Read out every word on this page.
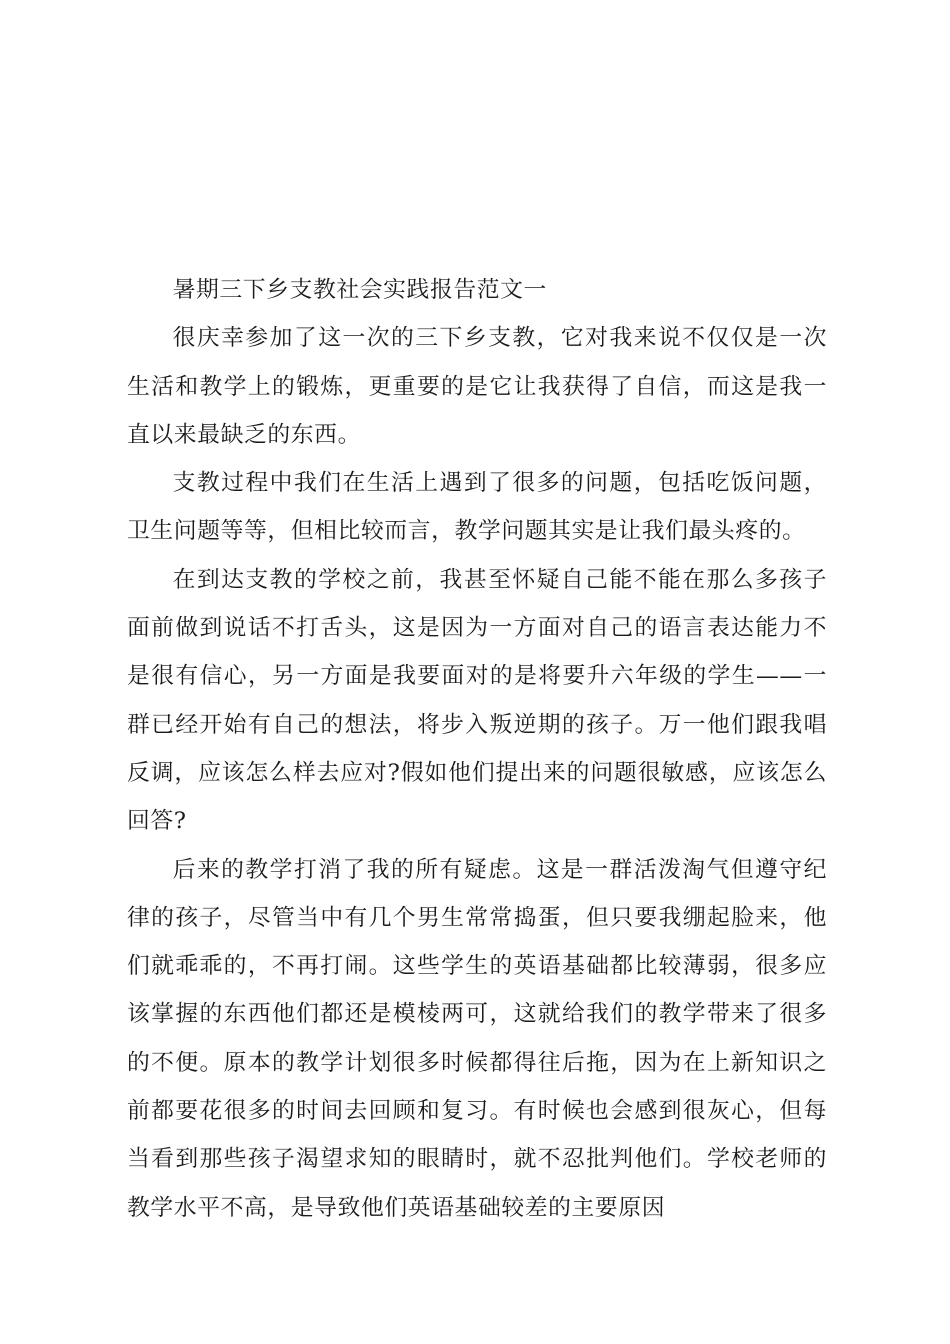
暑期三下乡支教社会实践报告范文一

很庆幸参加了这一次的三下乡支教，它对我来说不仅仅是一次生活和教学上的锻炼，更重要的是它让我获得了自信，而这是我一直以来最缺乏的东西。

支教过程中我们在生活上遇到了很多的问题，包括吃饭问题，卫生问题等等，但相比较而言，教学问题其实是让我们最头疼的。

在到达支教的学校之前，我甚至怀疑自己能不能在那么多孩子面前做到说话不打舌头，这是因为一方面对自己的语言表达能力不是很有信心，另一方面是我要面对的是将要升六年级的学生——一群已经开始有自己的想法，将步入叛逆期的孩子。万一他们跟我唱反调，应该怎么样去应对?假如他们提出来的问题很敏感，应该怎么回答?

后来的教学打消了我的所有疑虑。这是一群活泼淘气但遵守纪律的孩子，尽管当中有几个男生常常捣蛋，但只要我绷起脸来，他们就乖乖的，不再打闹。这些学生的英语基础都比较薄弱，很多应该掌握的东西他们都还是模棱两可，这就给我们的教学带来了很多的不便。原本的教学计划很多时候都得往后拖，因为在上新知识之前都要花很多的时间去回顾和复习。有时候也会感到很灰心，但每当看到那些孩子渴望求知的眼睛时，就不忍批判他们。学校老师的教学水平不高，是导致他们英语基础较差的主要原因
